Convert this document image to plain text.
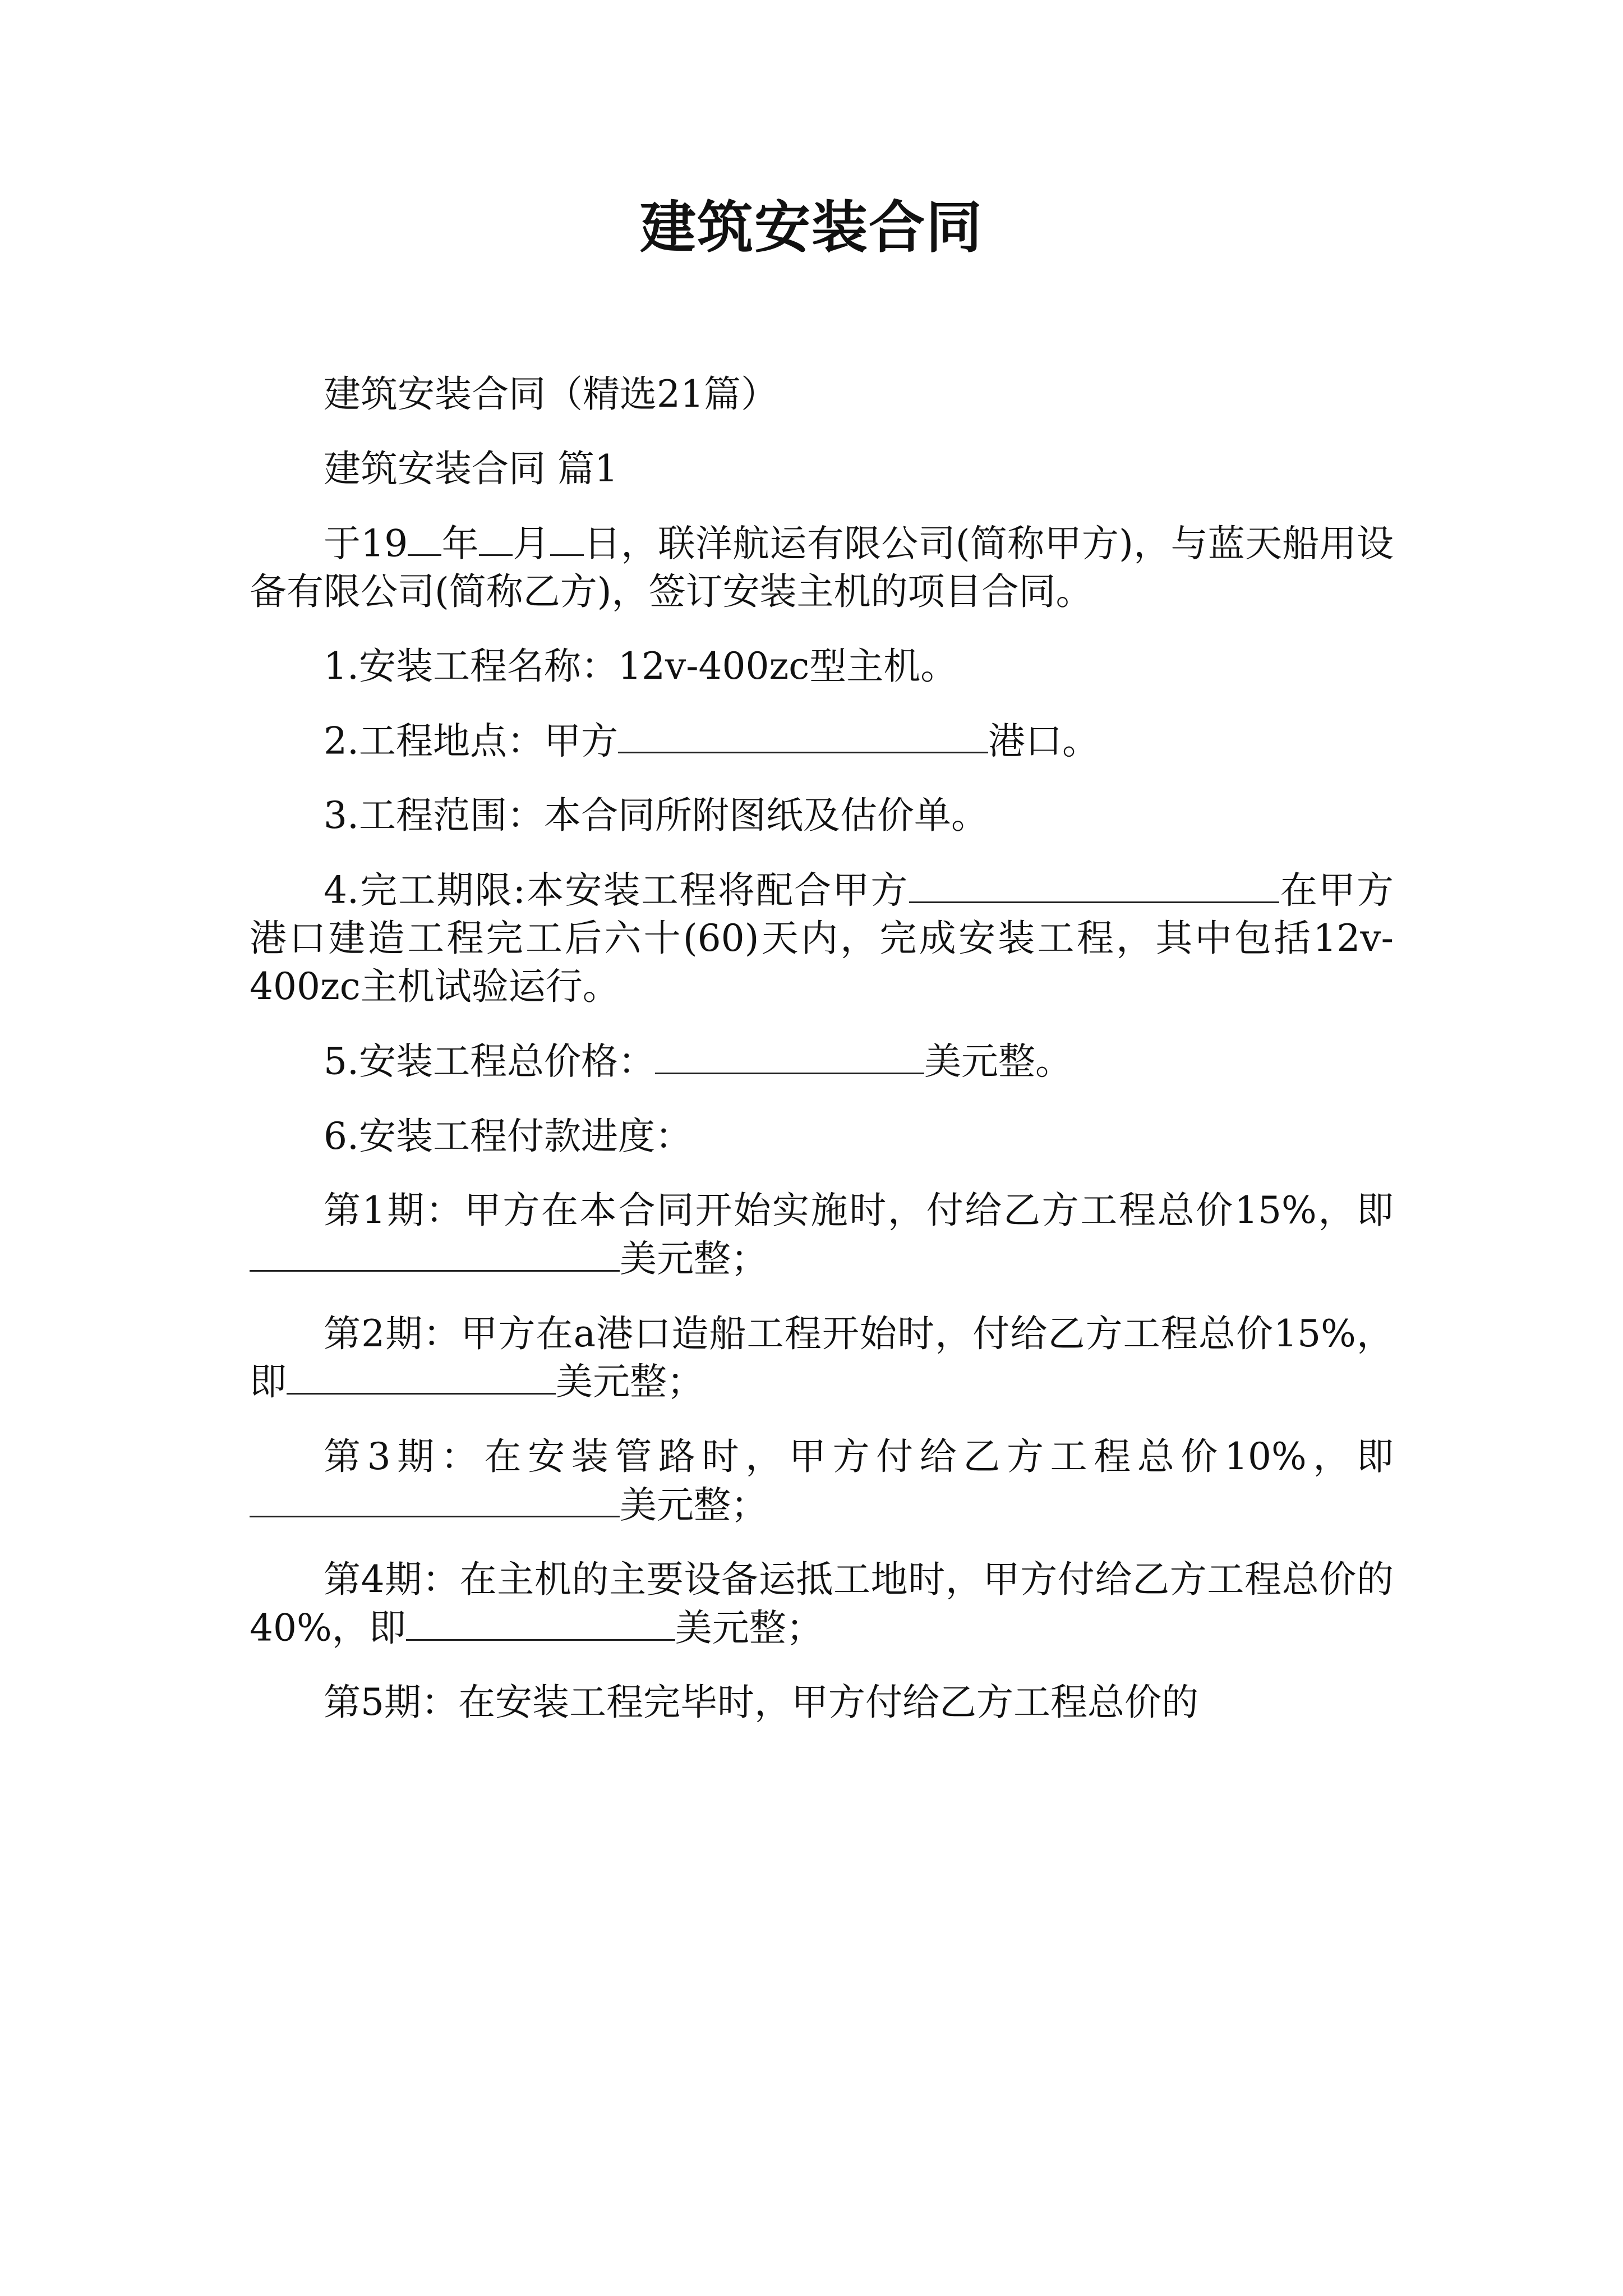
建筑安装合同

建筑安装合同（精选21篇）

建筑安装合同 篇1

于19 年 月 日，联洋航运有限公司(简称甲方)，与蓝天船用设备有限公司(简称乙方)，签订安装主机的项目合同。

1.安装工程名称：12v-400zc型主机。

2.工程地点：甲方	港口。

3.工程范围：本合同所附图纸及估价单。

4.完工期限:本安装工程将配合甲方	在甲方港口建造工程完工后六十(60)天内，完成安装工程，其中包括12v-400zc主机试验运行。

5.安装工程总价格：	美元整。

6.安装工程付款进度：

第1期：甲方在本合同开始实施时，付给乙方工程总价15%，即美元整；

第2期：甲方在a港口造船工程开始时，付给乙方工程总价15%，即	美元整；

第3期：在安装管路时，甲方付给乙方工程总价10%，即美元整；

第4期：在主机的主要设备运抵工地时，甲方付给乙方工程总价的40%，即	美元整；

第5期：在安装工程完毕时，甲方付给乙方工程总价的
